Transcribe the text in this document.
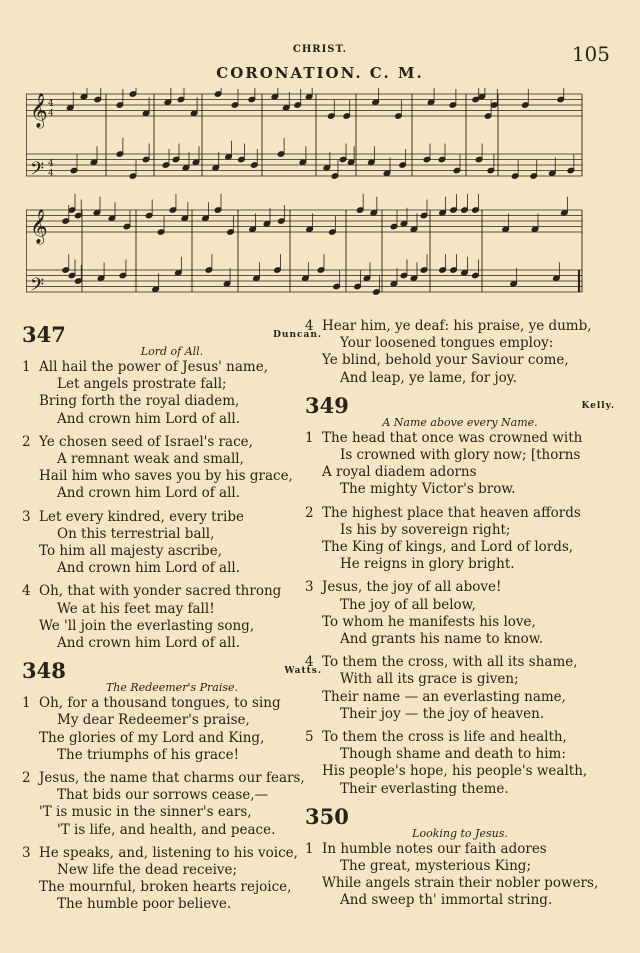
CHRIST.	105
CORONATION. C. M.
𝄞
𝄢
𝄞
𝄢
4
4
4
4
347	Duncan.
Lord of All.
1 All hail the power of Jesus' name,
Let angels prostrate fall;
Bring forth the royal diadem,
And crown him Lord of all.
2 Ye chosen seed of Israel's race,
A remnant weak and small,
Hail him who saves you by his grace,
And crown him Lord of all.
3 Let every kindred, every tribe
On this terrestrial ball,
To him all majesty ascribe,
And crown him Lord of all.
4 Oh, that with yonder sacred throng
We at his feet may fall!
We 'll join the everlasting song,
And crown him Lord of all.
348	Watts.
The Redeemer's Praise.
1 Oh, for a thousand tongues, to sing
My dear Redeemer's praise,
The glories of my Lord and King,
The triumphs of his grace!
2 Jesus, the name that charms our fears,
That bids our sorrows cease,—
'T is music in the sinner's ears,
'T is life, and health, and peace.
3 He speaks, and, listening to his voice,
New life the dead receive;
The mournful, broken hearts rejoice,
The humble poor believe.
4 Hear him, ye deaf: his praise, ye dumb,
Your loosened tongues employ:
Ye blind, behold your Saviour come,
And leap, ye lame, for joy.
349	Kelly.
A Name above every Name.
1 The head that once was crowned with
Is crowned with glory now; [thorns
A royal diadem adorns
The mighty Victor's brow.
2 The highest place that heaven affords
Is his by sovereign right;
The King of kings, and Lord of lords,
He reigns in glory bright.
3 Jesus, the joy of all above!
The joy of all below,
To whom he manifests his love,
And grants his name to know.
4 To them the cross, with all its shame,
With all its grace is given;
Their name — an everlasting name,
Their joy — the joy of heaven.
5 To them the cross is life and health,
Though shame and death to him:
His people's hope, his people's wealth,
Their everlasting theme.
350
Looking to Jesus.
1 In humble notes our faith adores
The great, mysterious King;
While angels strain their nobler powers,
And sweep th' immortal string.
